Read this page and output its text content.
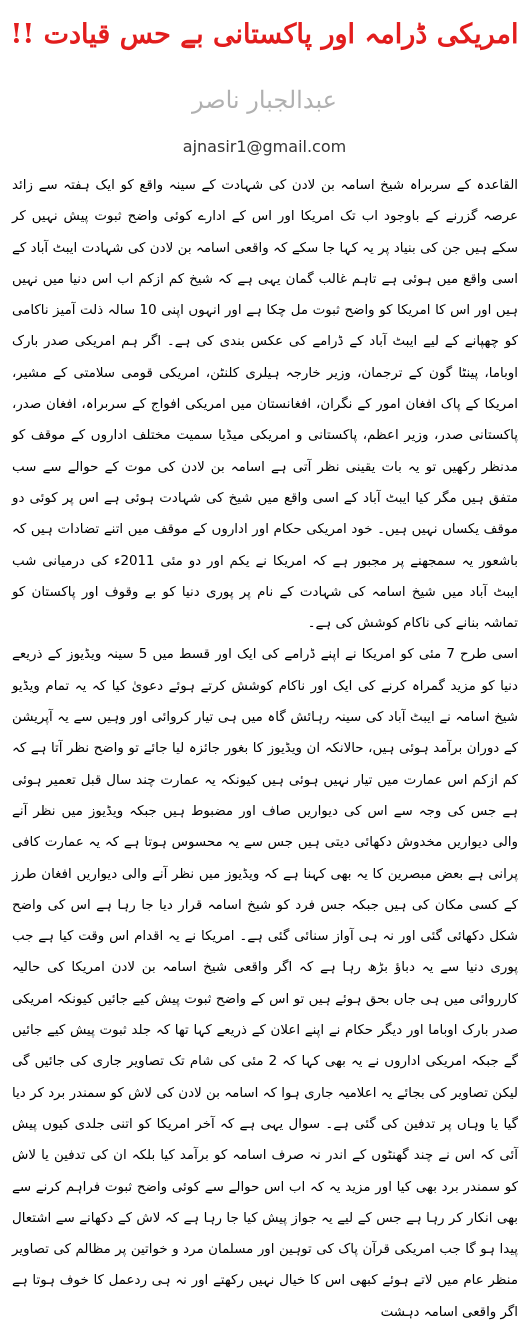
امریکی ڈرامہ اور پاکستانی بے حس قیادت !!
عبدالجبار ناصر
ajnasir1@gmail.com

القاعدہ کے سربراہ شیخ اسامہ بن لادن کی شہادت کے سینہ واقع کو ایک ہفتہ سے زائد عرصہ گزرنے کے باوجود اب تک امریکا اور اس کے ادارے کوئی واضح ثبوت پیش نہیں کر سکے ہیں جن کی بنیاد پر یہ کہا جا سکے کہ واقعی اسامہ بن لادن کی شہادت ایبٹ آباد کے اسی واقع میں ہوئی ہے تاہم غالب گمان یہی ہے کہ شیخ کم ازکم اب اس دنیا میں نہیں ہیں اور اس کا امریکا کو واضح ثبوت مل چکا ہے اور انہوں اپنی 10 سالہ ذلت آمیز ناکامی کو چھپانے کے لیے ایبٹ آباد کے ڈرامے کی عکس بندی کی ہے۔ اگر ہم امریکی صدر بارک اوباما، پینٹا گون کے ترجمان، وزیر خارجہ ہیلری کلنٹن، امریکی قومی سلامتی کے مشیر، امریکا کے پاک افغان امور کے نگران، افغانستان میں امریکی افواج کے سربراہ، افغان صدر، پاکستانی صدر، وزیر اعظم، پاکستانی و امریکی میڈیا سمیت مختلف اداروں کے موقف کو مدنظر رکھیں تو یہ بات یقینی نظر آتی ہے اسامہ بن لادن کی موت کے حوالے سے سب متفق ہیں مگر کیا ایبٹ آباد کے اسی واقع میں شیخ کی شہادت ہوئی ہے اس پر کوئی دو موقف یکساں نہیں ہیں۔ خود امریکی حکام اور اداروں کے موقف میں اتنے تضادات ہیں کہ باشعور یہ سمجھنے پر مجبور ہے کہ امریکا نے یکم اور دو مئی 2011ء کی درمیانی شب ایبٹ آباد میں شیخ اسامہ کی شہادت کے نام پر پوری دنیا کو بے وقوف اور پاکستان کو تماشہ بنانے کی ناکام کوشش کی ہے۔

اسی طرح 7 مئی کو امریکا نے اپنے ڈرامے کی ایک اور قسط میں 5 سینہ ویڈیوز کے ذریعے دنیا کو مزید گمراہ کرنے کی ایک اور ناکام کوشش کرتے ہوئے دعویٰ کیا کہ یہ تمام ویڈیو شیخ اسامہ نے ایبٹ آباد کی سینہ رہائش گاہ میں ہی تیار کروائی اور وہیں سے یہ آپریشن کے دوران برآمد ہوئی ہیں، حالانکہ ان ویڈیوز کا بغور جائزہ لیا جائے تو واضح نظر آتا ہے کہ کم ازکم اس عمارت میں تیار نہیں ہوئی ہیں کیونکہ یہ عمارت چند سال قبل تعمیر ہوئی ہے جس کی وجہ سے اس کی دیواریں صاف اور مضبوط ہیں جبکہ ویڈیوز میں نظر آنے والی دیواریں مخدوش دکھائی دیتی ہیں جس سے یہ محسوس ہوتا ہے کہ یہ عمارت کافی پرانی ہے بعض مبصرین کا یہ بھی کہنا ہے کہ ویڈیوز میں نظر آنے والی دیواریں افغان طرز کے کسی مکان کی ہیں جبکہ جس فرد کو شیخ اسامہ قرار دیا جا رہا ہے اس کی واضح شکل دکھائی گئی اور نہ ہی آواز سنائی گئی ہے۔ امریکا نے یہ اقدام اس وقت کیا ہے جب پوری دنیا سے یہ دباؤ بڑھ رہا ہے کہ اگر واقعی شیخ اسامہ بن لادن امریکا کی حالیہ کارروائی میں ہی جاں بحق ہوئے ہیں تو اس کے واضح ثبوت پیش کیے جائیں کیونکہ امریکی صدر بارک اوباما اور دیگر حکام نے اپنے اعلان کے ذریعے کہا تھا کہ جلد ثبوت پیش کیے جائیں گے جبکہ امریکی اداروں نے یہ بھی کہا کہ 2 مئی کی شام تک تصاویر جاری کی جائیں گی لیکن تصاویر کی بجائے یہ اعلامیہ جاری ہوا کہ اسامہ بن لادن کی لاش کو سمندر برد کر دیا گیا یا وہاں پر تدفین کی گئی ہے۔ سوال یہی ہے کہ آخر امریکا کو اتنی جلدی کیوں پیش آئی کہ اس نے چند گھنٹوں کے اندر نہ صرف اسامہ کو برآمد کیا بلکہ ان کی تدفین یا لاش کو سمندر برد بھی کیا اور مزید یہ کہ اب اس حوالے سے کوئی واضح ثبوت فراہم کرنے سے بھی انکار کر رہا ہے جس کے لیے یہ جواز پیش کیا جا رہا ہے کہ لاش کے دکھانے سے اشتعال پیدا ہو گا جب امریکی قرآن پاک کی توہین اور مسلمان مرد و خواتین پر مظالم کی تصاویر منظر عام میں لاتے ہوئے کبھی اس کا خیال نہیں رکھتے اور نہ ہی ردعمل کا خوف ہوتا ہے اگر واقعی اسامہ دہشت
